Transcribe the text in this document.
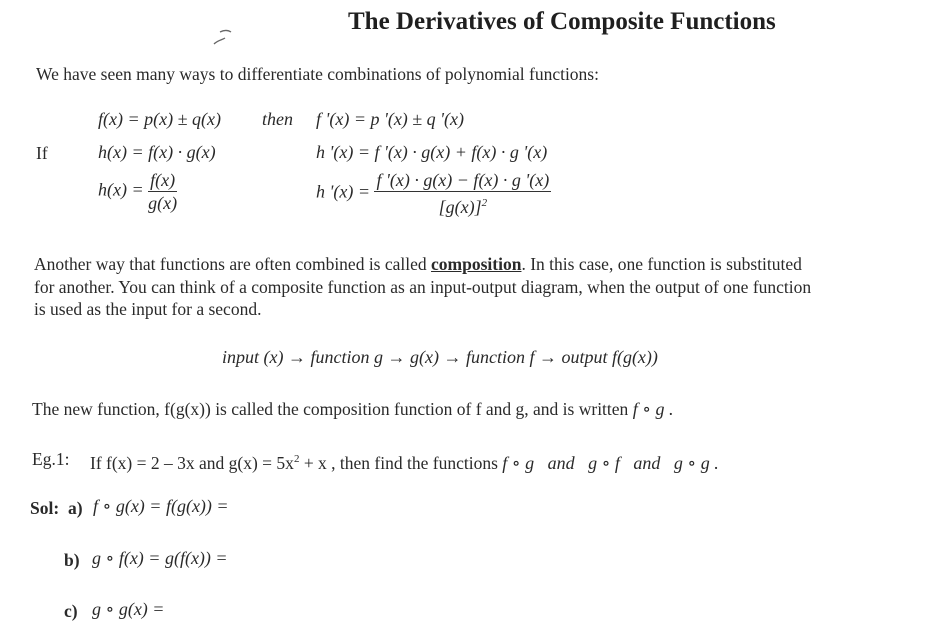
The Derivatives of Composite Functions
We have seen many ways to differentiate combinations of polynomial functions:
If
f(x) = p(x) ± q(x) then f '(x) = p '(x) ± q '(x)
h(x) = f(x) · g(x)	h '(x) = f '(x) · g(x) + f(x) · g '(x)
$h(x) = \frac{f(x)}{g(x)}$	h '$(x) = \frac{f '(x) \cdot g(x) - f(x) \cdot g '(x)}{[g(x)]^2}$
Another way that functions are often combined is called composition. In this case, one function is substituted
for another. You can think of a composite function as an input-output diagram, when the output of one function
is used as the input for a second.
input (x) → function g → g(x) → function f → output f(g(x))
The new function, f(g(x)) is called the composition function of f and g, and is written f ∘ g .
Eg.1: If f(x) = 2 – 3x and $g(x) = 5x^2 + x$ , then find the functions f ∘ g   and   g ∘ f   and   g ∘ g .
Sol: a) f ∘ g(x) = f(g(x)) =
b) g ∘ f(x) = g(f(x)) =
c) g ∘ g(x) =
